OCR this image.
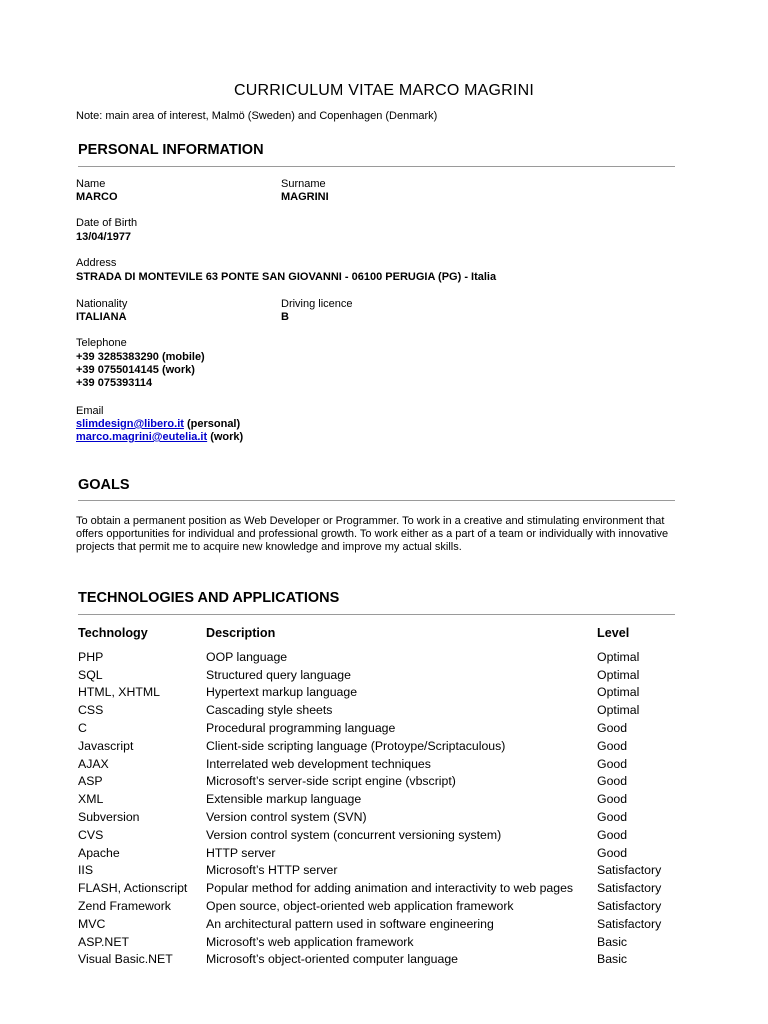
CURRICULUM VITAE MARCO MAGRINI
Note: main area of interest, Malmö (Sweden) and Copenhagen (Denmark)
PERSONAL INFORMATION
Name
MARCO
Surname
MAGRINI
Date of Birth
13/04/1977
Address
STRADA DI MONTEVILE 63 PONTE SAN GIOVANNI - 06100 PERUGIA (PG) - Italia
Nationality
ITALIANA
Driving licence
B
Telephone
+39 3285383290 (mobile)
+39 0755014145 (work)
+39 075393114
Email
slimdesign@libero.it (personal)
marco.magrini@eutelia.it (work)
GOALS
To obtain a permanent position as Web Developer or Programmer. To work in a creative and stimulating environment that offers opportunities for individual and professional growth. To work either as a part of a team or individually with innovative projects that permit me to acquire new knowledge and improve my actual skills.
TECHNOLOGIES AND APPLICATIONS
Technology	Description	Level
PHP	OOP language	Optimal
SQL	Structured query language	Optimal
HTML, XHTML	Hypertext markup language	Optimal
CSS	Cascading style sheets	Optimal
C	Procedural programming language	Good
Javascript	Client-side scripting language (Protoype/Scriptaculous)	Good
AJAX	Interrelated web development techniques	Good
ASP	Microsoft’s server-side script engine (vbscript)	Good
XML	Extensible markup language	Good
Subversion	Version control system (SVN)	Good
CVS	Version control system (concurrent versioning system)	Good
Apache	HTTP server	Good
IIS	Microsoft’s HTTP server	Satisfactory
FLASH, Actionscript	Popular method for adding animation and interactivity to web pages	Satisfactory
Zend Framework	Open source, object-oriented web application framework	Satisfactory
MVC	An architectural pattern used in software engineering	Satisfactory
ASP.NET	Microsoft’s web application framework	Basic
Visual Basic.NET	Microsoft’s object-oriented computer language	Basic
